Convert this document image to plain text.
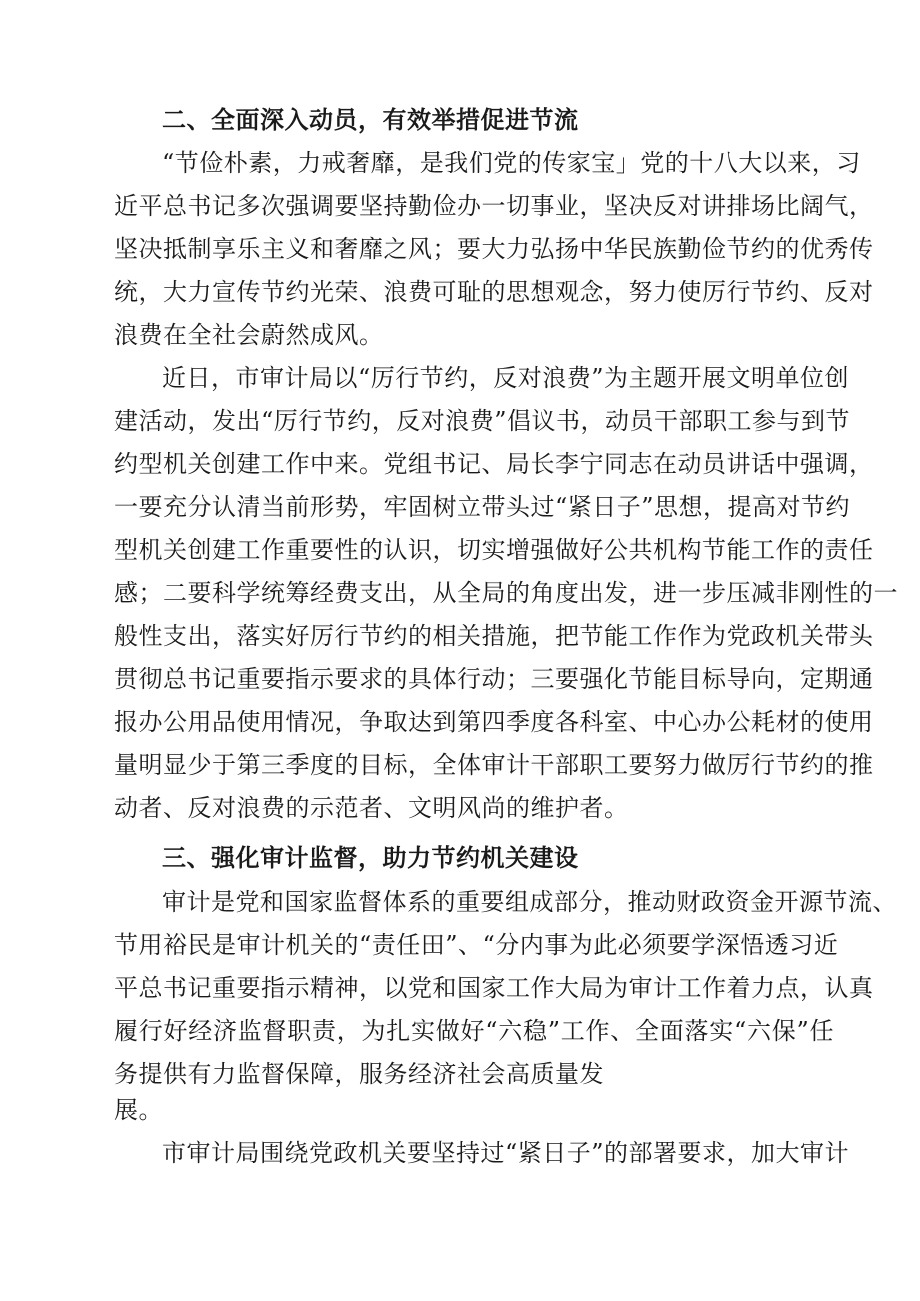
二、全面深入动员，有效举措促进节流
“节俭朴素，力戒奢靡，是我们党的传家宝」党的十八大以来，习
近平总书记多次强调要坚持勤俭办一切事业，坚决反对讲排场比阔气，
坚决抵制享乐主义和奢靡之风；要大力弘扬中华民族勤俭节约的优秀传
统，大力宣传节约光荣、浪费可耻的思想观念，努力使厉行节约、反对
浪费在全社会蔚然成风。
近日，市审计局以“厉行节约，反对浪费”为主题开展文明单位创
建活动，发出“厉行节约，反对浪费”倡议书，动员干部职工参与到节
约型机关创建工作中来。党组书记、局长李宁同志在动员讲话中强调，
一要充分认清当前形势，牢固树立带头过“紧日子”思想，提高对节约
型机关创建工作重要性的认识，切实增强做好公共机构节能工作的责任
感；二要科学统筹经费支出，从全局的角度出发，进一步压减非刚性的一
般性支出，落实好厉行节约的相关措施，把节能工作作为党政机关带头
贯彻总书记重要指示要求的具体行动；三要强化节能目标导向，定期通
报办公用品使用情况，争取达到第四季度各科室、中心办公耗材的使用
量明显少于第三季度的目标，全体审计干部职工要努力做厉行节约的推
动者、反对浪费的示范者、文明风尚的维护者。
三、强化审计监督，助力节约机关建设
审计是党和国家监督体系的重要组成部分，推动财政资金开源节流、
节用裕民是审计机关的“责任田”、“分内事为此必须要学深悟透习近
平总书记重要指示精神，以党和国家工作大局为审计工作着力点，认真
履行好经济监督职责，为扎实做好“六稳”工作、全面落实“六保”任
务提供有力监督保障，服务经济社会高质量发
展。
市审计局围绕党政机关要坚持过“紧日子”的部署要求，加大审计
